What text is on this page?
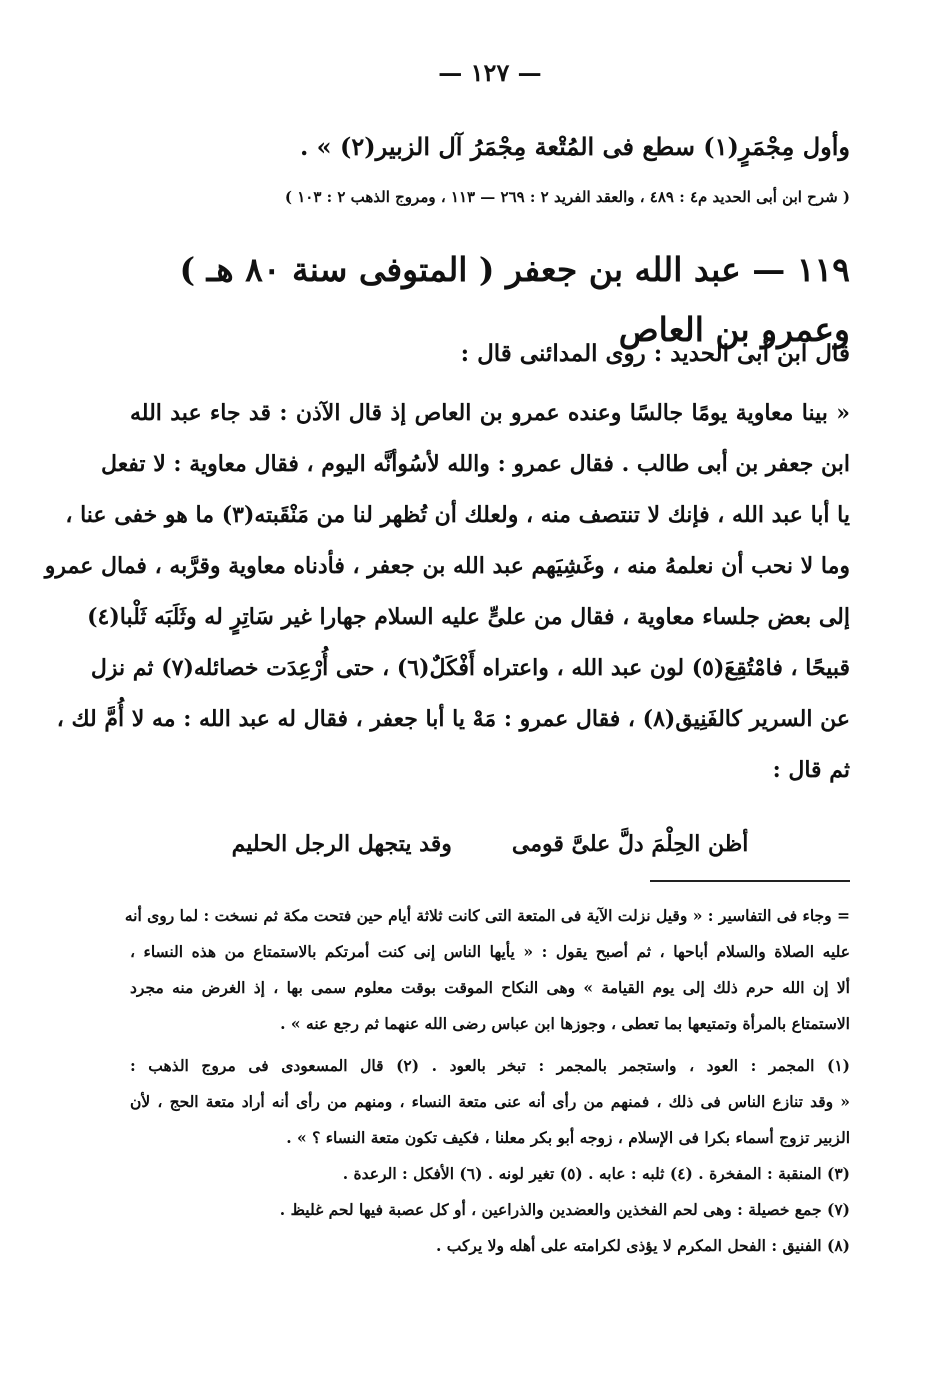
— ١٢٧ —
وأول مِجْمَرٍ(١) سطع فى المُتْعة مِجْمَرُ آل الزبير(٢) » .
( شرح ابن أبى الحديد م٤ : ٤٨٩ ، والعقد الفريد ٢ : ٢٦٩ — ١١٣ ، ومروج الذهب ٢ : ١٠٣ )
١١٩ — عبد الله بن جعفر ( المتوفى سنة ٨٠ هـ ) وعمرو بن العاص
قال ابن أبى الحديد : روى المدائنى قال :
« بينا معاوية يومًا جالسًا وعنده عمرو بن العاص إذ قال الآذن : قد جاء عبد الله
ابن جعفر بن أبى طالب . فقال عمرو : والله لأسُوأنَّه اليوم ، فقال معاوية : لا تفعل
يا أبا عبد الله ، فإنك لا تنتصف منه ، ولعلك أن تُظهر لنا من مَنْقَبته(٣) ما هو خفى عنا ،
وما لا نحب أن نعلمهُ منه ، وغَشِيَهم عبد الله بن جعفر ، فأدناه معاوية وقرَّبه ، فمال عمرو
إلى بعض جلساء معاوية ، فقال من علىٍّ عليه السلام جهارا غير سَاتِرٍ له وثَلَبَه ثَلْبا(٤)
قبيحًا ، فامْتُقِعَ(٥) لون عبد الله ، واعتراه أَفْكَلٌ(٦) ، حتى أُرْعِدَت خصائله(٧) ثم نزل
عن السرير كالفَنِيق(٨) ، فقال عمرو : مَهْ يا أبا جعفر ، فقال له عبد الله : مه لا أُمَّ لك ،
ثم قال :
أظن الحِلْمَ دلَّ علىَّ قومى
وقد يتجهل الرجل الحليم
= وجاء فى التفاسير : « وقيل نزلت الآية فى المتعة التى كانت ثلاثة أيام حين فتحت مكة ثم نسخت : لما روى أنه
عليه الصلاة والسلام أباحها ، ثم أصبح يقول : « يأيها الناس إنى كنت أمرتكم بالاستمتاع من هذه النساء ،
ألا إن الله حرم ذلك إلى يوم القيامة » وهى النكاح الموقت بوقت معلوم سمى بها ، إذ الغرض منه مجرد
الاستمتاع بالمرأة وتمتيعها بما تعطى ، وجوزها ابن عباس رضى الله عنهما ثم رجع عنه » .
(١) المجمر : العود ، واستجمر بالمجمر : تبخر بالعود . (٢) قال المسعودى فى مروج الذهب :
« وقد تنازع الناس فى ذلك ، فمنهم من رأى أنه عنى متعة النساء ، ومنهم من رأى أنه أراد متعة الحج ، لأن
الزبير تزوج أسماء بكرا فى الإسلام ، زوجه أبو بكر معلنا ، فكيف تكون متعة النساء ؟ » .
(٣) المنقبة : المفخرة . (٤) ثلبه : عابه . (٥) تغير لونه . (٦) الأفكل : الرعدة .
(٧) جمع خصيلة : وهى لحم الفخذين والعضدين والذراعين ، أو كل عصبة فيها لحم غليظ .
(٨) الفنيق : الفحل المكرم لا يؤذى لكرامته على أهله ولا يركب .
